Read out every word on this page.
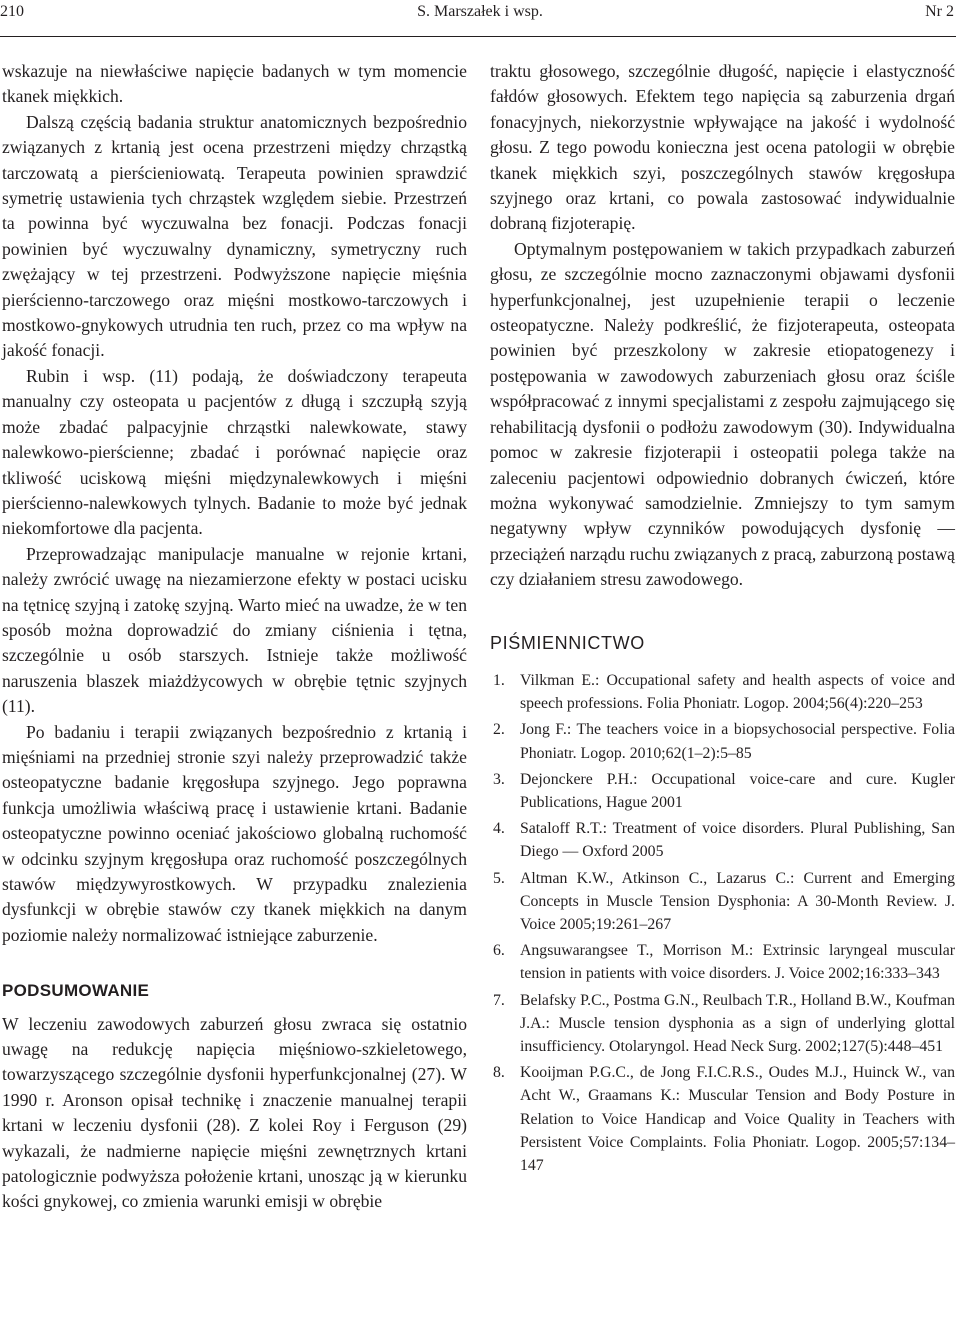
210	S. Marszałek i wsp.	Nr 2

wskazuje na niewłaściwe napięcie badanych w tym momencie tkanek miękkich.

Dalszą częścią badania struktur anatomicznych bezpośrednio związanych z krtanią jest ocena przestrzeni między chrząstką tarczowatą a pierścieniowatą. Terapeuta powinien sprawdzić symetrię ustawienia tych chrząstek względem siebie. Przestrzeń ta powinna być wyczuwalna bez fonacji. Podczas fonacji powinien być wyczuwalny dynamiczny, symetryczny ruch zwężający w tej przestrzeni. Podwyższone napięcie mięśnia pierścienno-tarczowego oraz mięśni mostkowo-tarczowych i mostkowo-gnykowych utrudnia ten ruch, przez co ma wpływ na jakość fonacji.

Rubin i wsp. (11) podają, że doświadczony terapeuta manualny czy osteopata u pacjentów z długą i szczupłą szyją może zbadać palpacyjnie chrząstki nalewkowate, stawy nalewkowo-pierścienne; zbadać i porównać napięcie oraz tkliwość uciskową mięśni międzynalewkowych i mięśni pierścienno-nalewkowych tylnych. Badanie to może być jednak niekomfortowe dla pacjenta.

Przeprowadzając manipulacje manualne w rejonie krtani, należy zwrócić uwagę na niezamierzone efekty w postaci ucisku na tętnicę szyjną i zatokę szyjną. Warto mieć na uwadze, że w ten sposób można doprowadzić do zmiany ciśnienia i tętna, szczególnie u osób starszych. Istnieje także możliwość naruszenia blaszek miażdżycowych w obrębie tętnic szyjnych (11).

Po badaniu i terapii związanych bezpośrednio z krtanią i mięśniami na przedniej stronie szyi należy przeprowadzić także osteopatyczne badanie kręgosłupa szyjnego. Jego poprawna funkcja umożliwia właściwą pracę i ustawienie krtani. Badanie osteopatyczne powinno oceniać jakościowo globalną ruchomość w odcinku szyjnym kręgosłupa oraz ruchomość poszczególnych stawów międzywyrostkowych. W przypadku znalezienia dysfunkcji w obrębie stawów czy tkanek miękkich na danym poziomie należy normalizować istniejące zaburzenie.

PODSUMOWANIE

W leczeniu zawodowych zaburzeń głosu zwraca się ostatnio uwagę na redukcję napięcia mięśniowo-szkieletowego, towarzyszącego szczególnie dysfonii hyperfunkcjonalnej (27). W 1990 r. Aronson opisał technikę i znaczenie manualnej terapii krtani w leczeniu dysfonii (28). Z kolei Roy i Ferguson (29) wykazali, że nadmierne napięcie mięśni zewnętrznych krtani patologicznie podwyższa położenie krtani, unosząc ją w kierunku kości gnykowej, co zmienia warunki emisji w obrębie

traktu głosowego, szczególnie długość, napięcie i elastyczność fałdów głosowych. Efektem tego napięcia są zaburzenia drgań fonacyjnych, niekorzystnie wpływające na jakość i wydolność głosu. Z tego powodu konieczna jest ocena patologii w obrębie tkanek miękkich szyi, poszczególnych stawów kręgosłupa szyjnego oraz krtani, co powala zastosować indywidualnie dobraną fizjoterapię.

Optymalnym postępowaniem w takich przypadkach zaburzeń głosu, ze szczególnie mocno zaznaczonymi objawami dysfonii hyperfunkcjonalnej, jest uzupełnienie terapii o leczenie osteopatyczne. Należy podkreślić, że fizjoterapeuta, osteopata powinien być przeszkolony w zakresie etiopatogenezy i postępowania w zawodowych zaburzeniach głosu oraz ściśle współpracować z innymi specjalistami z zespołu zajmującego się rehabilitacją dysfonii o podłożu zawodowym (30). Indywidualna pomoc w zakresie fizjoterapii i osteopatii polega także na zaleceniu pacjentowi odpowiednio dobranych ćwiczeń, które można wykonywać samodzielnie. Zmniejszy to tym samym negatywny wpływ czynników powodujących dysfonię — przeciążeń narządu ruchu związanych z pracą, zaburzoną postawą czy działaniem stresu zawodowego.

PIŚMIENNICTWO
1. Vilkman E.: Occupational safety and health aspects of voice and speech professions. Folia Phoniatr. Logop. 2004;56(4):220–253
2. Jong F.: The teachers voice in a biopsychosocial perspective. Folia Phoniatr. Logop. 2010;62(1–2):5–85
3. Dejonckere P.H.: Occupational voice-care and cure. Kugler Publications, Hague 2001
4. Sataloff R.T.: Treatment of voice disorders. Plural Publishing, San Diego — Oxford 2005
5. Altman K.W., Atkinson C., Lazarus C.: Current and Emerging Concepts in Muscle Tension Dysphonia: A 30-Month Review. J. Voice 2005;19:261–267
6. Angsuwarangsee T., Morrison M.: Extrinsic laryngeal muscular tension in patients with voice disorders. J. Voice 2002;16:333–343
7. Belafsky P.C., Postma G.N., Reulbach T.R., Holland B.W., Koufman J.A.: Muscle tension dysphonia as a sign of underlying glottal insufficiency. Otolaryngol. Head Neck Surg. 2002;127(5):448–451
8. Kooijman P.G.C., de Jong F.I.C.R.S., Oudes M.J., Huinck W., van Acht W., Graamans K.: Muscular Tension and Body Posture in Relation to Voice Handicap and Voice Quality in Teachers with Persistent Voice Complaints. Folia Phoniatr. Logop. 2005;57:134–147
